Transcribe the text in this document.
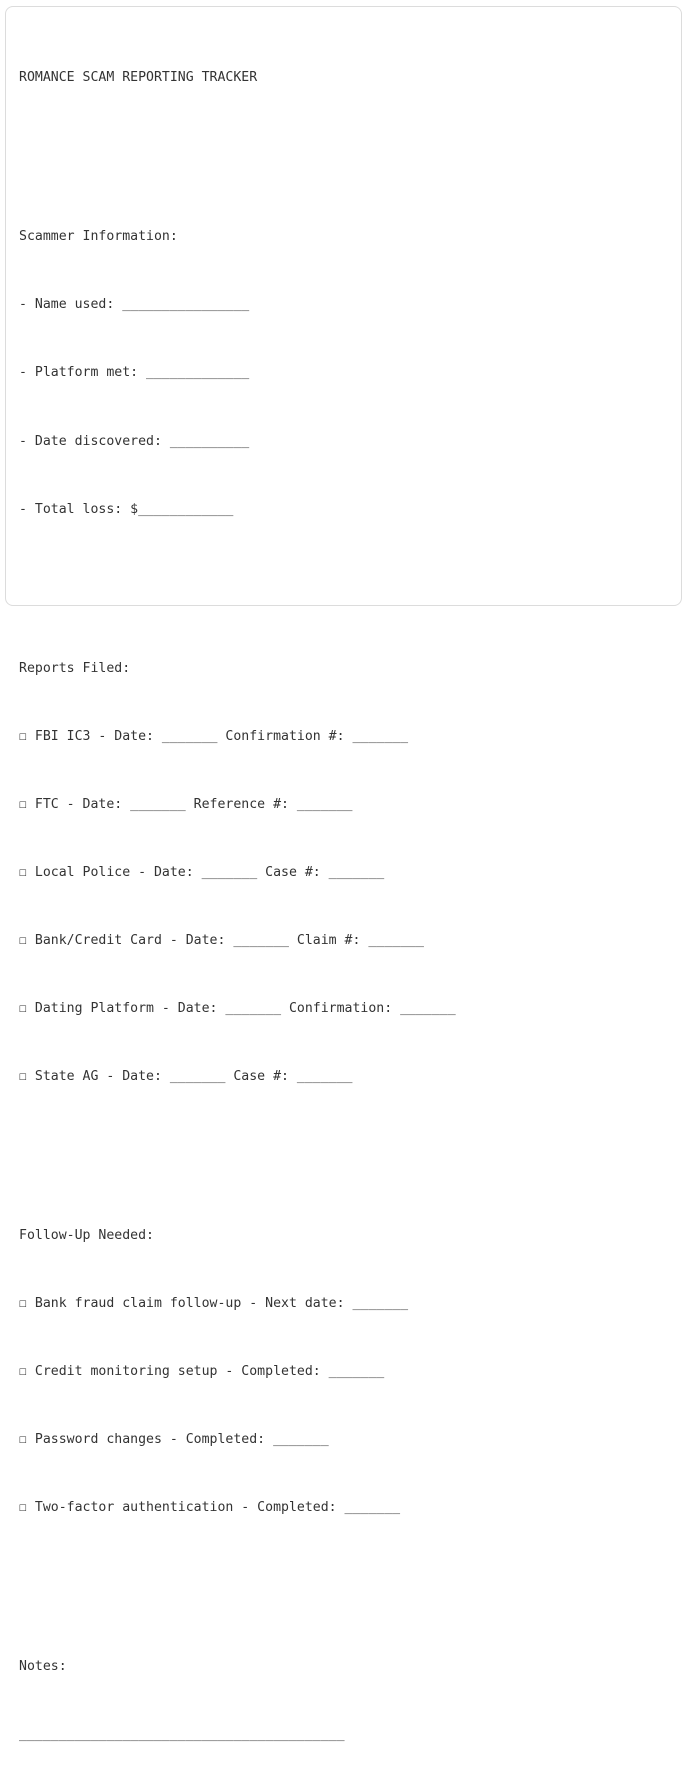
ROMANCE SCAM REPORTING TRACKER

Scammer Information:

- Name used: ________________

- Platform met: _____________

- Date discovered: __________

- Total loss: $____________

Reports Filed:

☐ FBI IC3 - Date: _______ Confirmation #: _______

☐ FTC - Date: _______ Reference #: _______

☐ Local Police - Date: _______ Case #: _______

☐ Bank/Credit Card - Date: _______ Claim #: _______

☐ Dating Platform - Date: _______ Confirmation: _______

☐ State AG - Date: _______ Case #: _______

Follow-Up Needed:

☐ Bank fraud claim follow-up - Next date: _______

☐ Credit monitoring setup - Completed: _______

☐ Password changes - Completed: _______

☐ Two-factor authentication - Completed: _______

Notes:

_________________________________________
